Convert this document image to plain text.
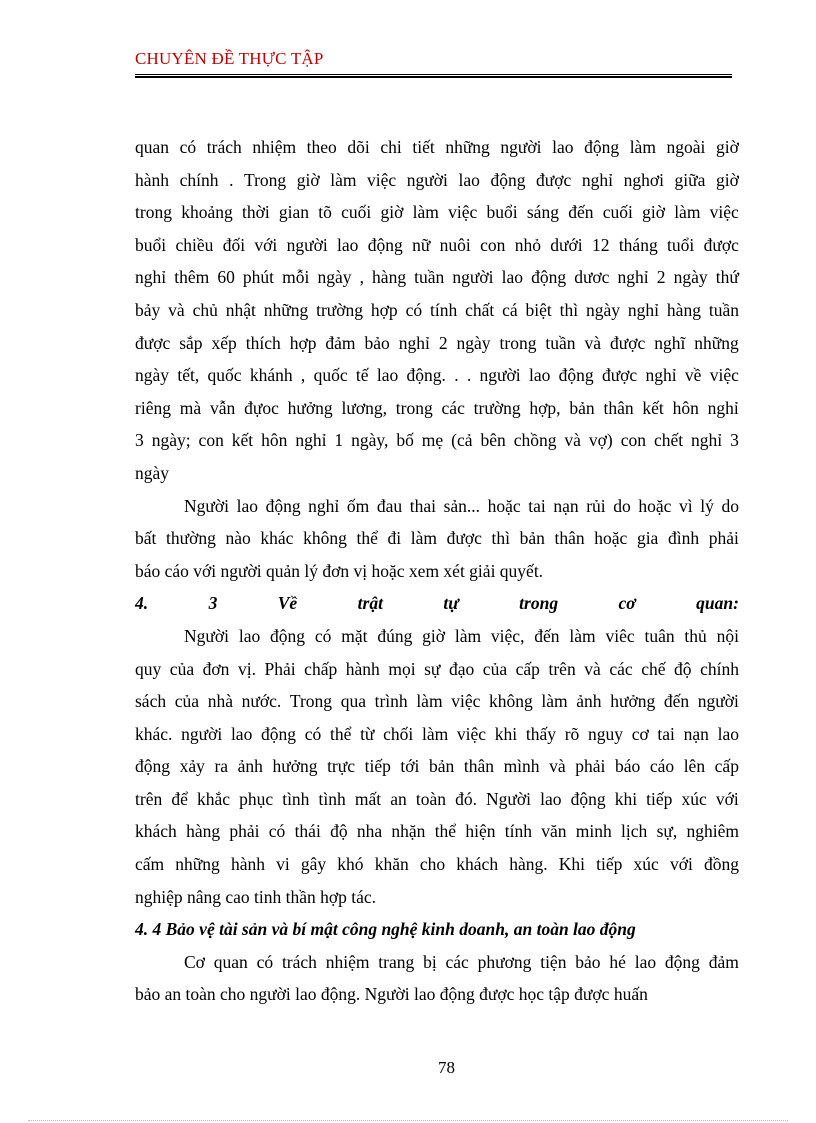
CHUYÊN ĐỀ THỰC TẬP
quan có trách nhiệm theo dõi chi tiết những người lao động làm ngoài giờ
hành chính . Trong giờ làm việc người lao động được nghỉ nghơi giữa giờ
trong khoảng thời gian tõ cuối giờ làm việc buổi sáng đến cuối giờ làm việc
buổi chiều đối với người lao động nữ nuôi con nhỏ dưới 12 tháng tuổi được
nghỉ thêm 60 phút mỗi ngày , hàng tuần người lao động dươc nghỉ 2 ngày thứ
bảy và chủ nhật những trường hợp có tính chất cá biệt thì ngày nghỉ hàng tuần
được sắp xếp thích hợp đảm bảo nghỉ 2 ngày trong tuần và được nghĩ những
ngày tết, quốc khánh , quốc tế lao động. . . người lao động được nghỉ về việc
riêng mà vẫn đựoc hưởng lương, trong các trường hợp, bản thân kết hôn nghỉ
3 ngày; con kết hôn nghỉ 1 ngày, bố mẹ (cả bên chồng và vợ) con chết nghỉ 3
ngày
Người lao động nghỉ ốm đau thai sản... hoặc tai nạn rủi do hoặc vì lý do
bất thường nào khác không thể đi làm được thì bản thân hoặc gia đình phải
báo cáo với người quản lý đơn vị hoặc xem xét giải quyết.
4.	3	Về	trật	tự	trong	cơ	quan:
Người lao động có mặt đúng giờ làm việc, đến làm viêc tuân thủ nội
quy của đơn vị. Phải chấp hành mọi sự đạo của cấp trên và các chế độ chính
sách của nhà nước. Trong qua trình làm việc không làm ảnh hưởng đến người
khác. người lao động có thể từ chối làm việc khi thấy rõ nguy cơ tai nạn lao
động xảy ra ảnh hưởng trực tiếp tới bản thân mình và phải báo cáo lên cấp
trên để khắc phục tình tình mất an toàn đó. Người lao động khi tiếp xúc với
khách hàng phải có thái độ nha nhặn thể hiện tính văn minh lịch sự, nghiêm
cấm những hành vi gây khó khăn cho khách hàng. Khi tiếp xúc với đồng
nghiệp nâng cao tinh thần hợp tác.
4. 4 Bảo vệ tài sản và bí mật công nghệ kinh doanh, an toàn lao động
Cơ quan có trách nhiệm trang bị các phương tiện bảo hé lao động đảm
bảo an toàn cho người lao động. Người lao động được học tập được huấn
78
